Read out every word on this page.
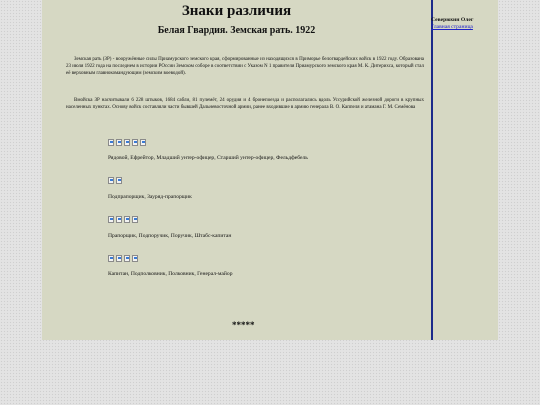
Знаки различия
Белая Гвардия. Земская рать. 1922

Земская рать (ЗР) - вооружённые силы Приамурского земского края, сформированные из находящихся в Приморье белогвардейских войск в 1922 году. Образована 23 июля 1922 года на последнем в истории РОссии Земском соборе в соответствии с Указом N 1 правителя Приамурского земского края М. К. Дитерихса, который стал её верховным главнокомандующим (земским воеводой).

Вмойска ЗР насчитывали 6 228 штыков, 1684 сабли, 81 пулемёт, 24 орудия и 4 бронепоезда и располагались вдоль Уссурийской железной дороги в крупных населенных пунктах. Основу войск составляли части бывшей Дальневосточной армии, ранее входившие в армию генерала В. О. Каппеля и атамана Г. М. Семёнова

Рядовой, Ефрейтор, Младший унтер-офицер, Старший унтер-офицер, Фельдфебель

Подпрапорщик, Зауряд-прапорщик

Прапорщик, Подпоручик, Поручик, Штабс-капитан

Капитан, Подполковник, Полковник, Генерал-майор

*****

Северюхин Олег

Главная страница
